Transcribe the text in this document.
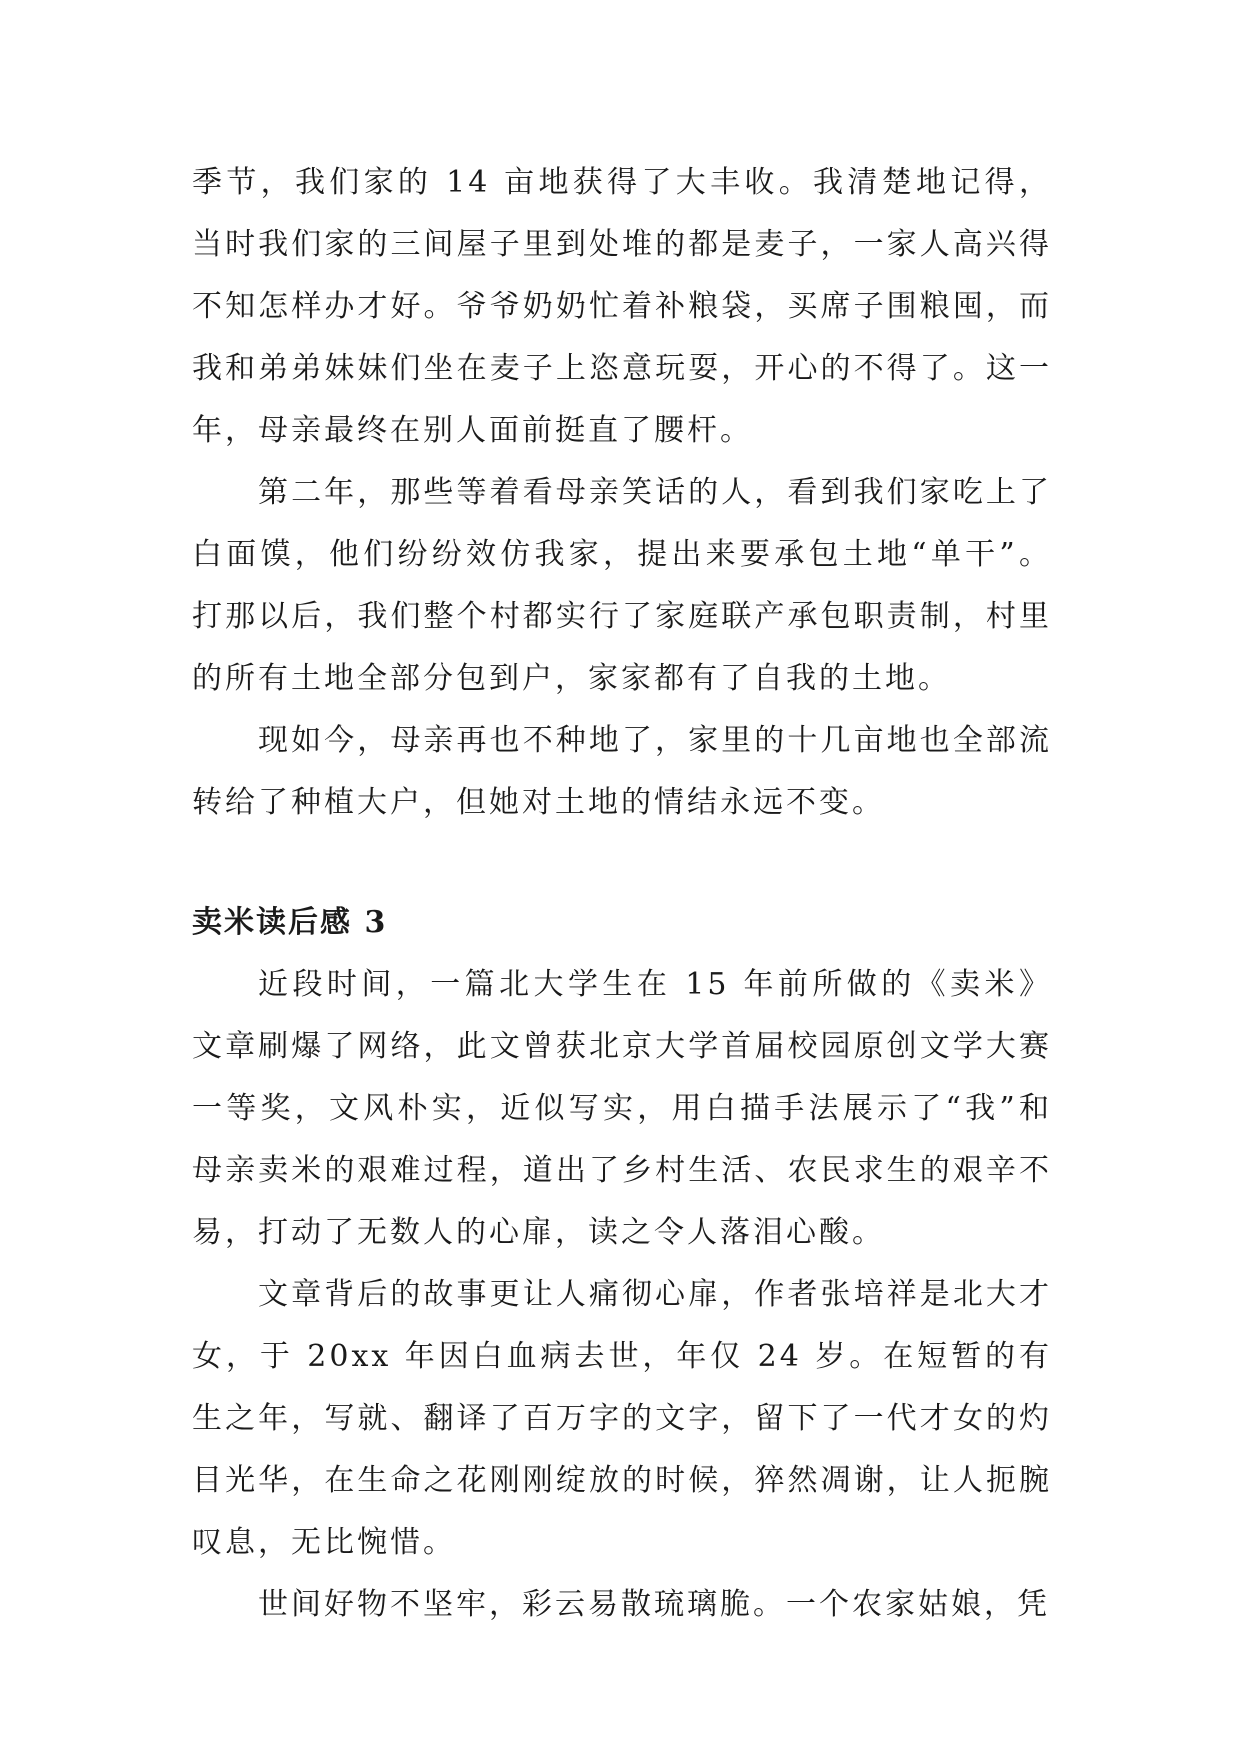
季节，我们家的 14 亩地获得了大丰收。我清楚地记得，当时我们家的三间屋子里到处堆的都是麦子，一家人高兴得不知怎样办才好。爷爷奶奶忙着补粮袋，买席子围粮囤，而我和弟弟妹妹们坐在麦子上恣意玩耍，开心的不得了。这一年，母亲最终在别人面前挺直了腰杆。

第二年，那些等着看母亲笑话的人，看到我们家吃上了白面馍，他们纷纷效仿我家，提出来要承包土地“单干”。打那以后，我们整个村都实行了家庭联产承包职责制，村里的所有土地全部分包到户，家家都有了自我的土地。

现如今，母亲再也不种地了，家里的十几亩地也全部流转给了种植大户，但她对土地的情结永远不变。

卖米读后感 3

近段时间，一篇北大学生在 15 年前所做的《卖米》文章刷爆了网络，此文曾获北京大学首届校园原创文学大赛一等奖，文风朴实，近似写实，用白描手法展示了“我”和母亲卖米的艰难过程，道出了乡村生活、农民求生的艰辛不易，打动了无数人的心扉，读之令人落泪心酸。

文章背后的故事更让人痛彻心扉，作者张培祥是北大才女，于 20xx 年因白血病去世，年仅 24 岁。在短暂的有生之年，写就、翻译了百万字的文字，留下了一代才女的灼目光华，在生命之花刚刚绽放的时候，猝然凋谢，让人扼腕叹息，无比惋惜。

世间好物不坚牢，彩云易散琉璃脆。一个农家姑娘，凭
